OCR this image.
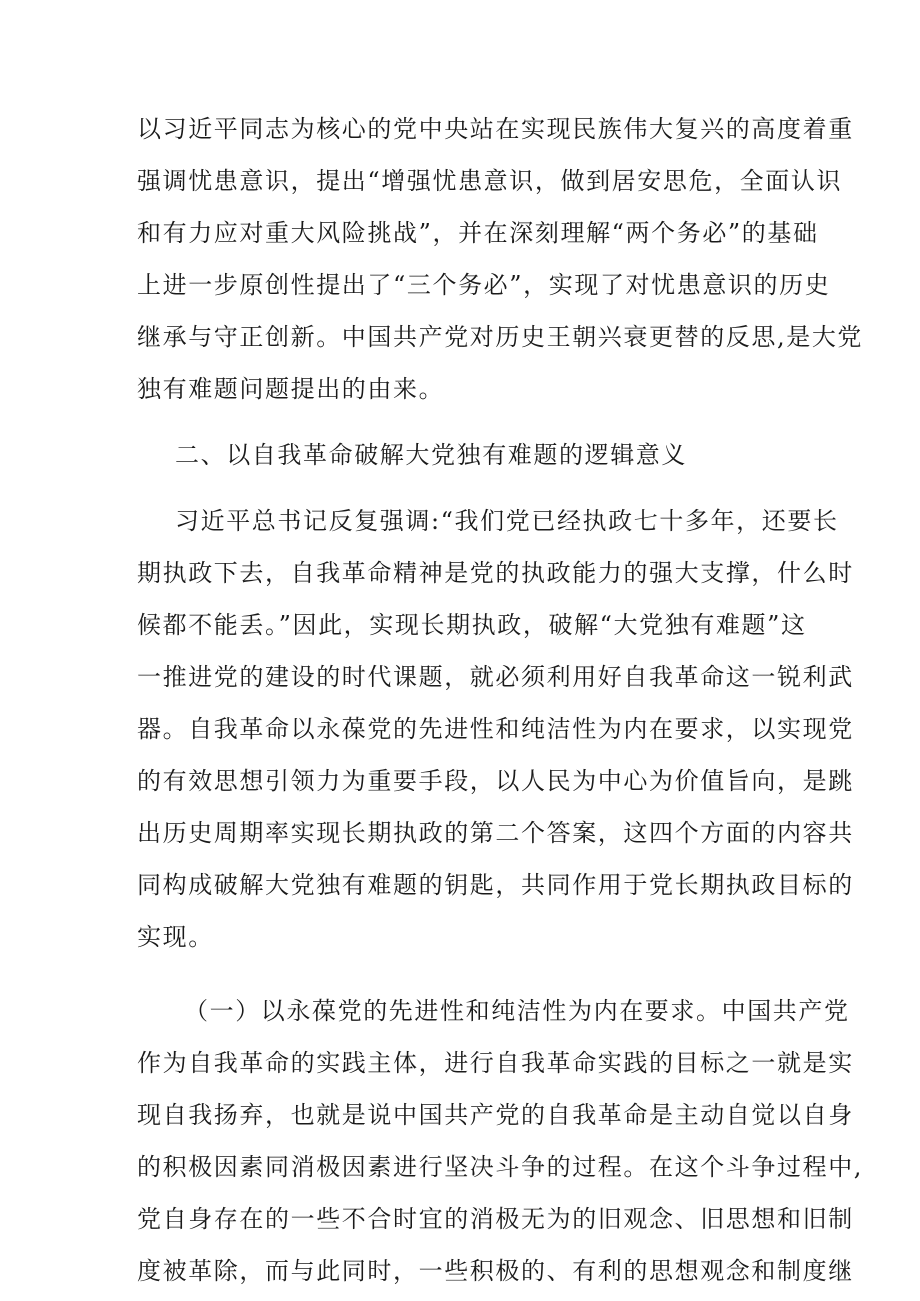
以习近平同志为核心的党中央站在实现民族伟大复兴的高度着重
强调忧患意识，提出“增强忧患意识，做到居安思危，全面认识
和有力应对重大风险挑战”，并在深刻理解“两个务必”的基础
上进一步原创性提出了“三个务必”，实现了对忧患意识的历史
继承与守正创新。中国共产党对历史王朝兴衰更替的反思,是大党
独有难题问题提出的由来。
二、以自我革命破解大党独有难题的逻辑意义
习近平总书记反复强调:“我们党已经执政七十多年，还要长
期执政下去，自我革命精神是党的执政能力的强大支撑，什么时
候都不能丢。”因此，实现长期执政，破解“大党独有难题”这
一推进党的建设的时代课题，就必须利用好自我革命这一锐利武
器。自我革命以永葆党的先进性和纯洁性为内在要求，以实现党
的有效思想引领力为重要手段，以人民为中心为价值旨向，是跳
出历史周期率实现长期执政的第二个答案，这四个方面的内容共
同构成破解大党独有难题的钥匙，共同作用于党长期执政目标的
实现。
（一）以永葆党的先进性和纯洁性为内在要求。中国共产党
作为自我革命的实践主体，进行自我革命实践的目标之一就是实
现自我扬弃，也就是说中国共产党的自我革命是主动自觉以自身
的积极因素同消极因素进行坚决斗争的过程。在这个斗争过程中,
党自身存在的一些不合时宜的消极无为的旧观念、旧思想和旧制
度被革除，而与此同时，一些积极的、有利的思想观念和制度继
